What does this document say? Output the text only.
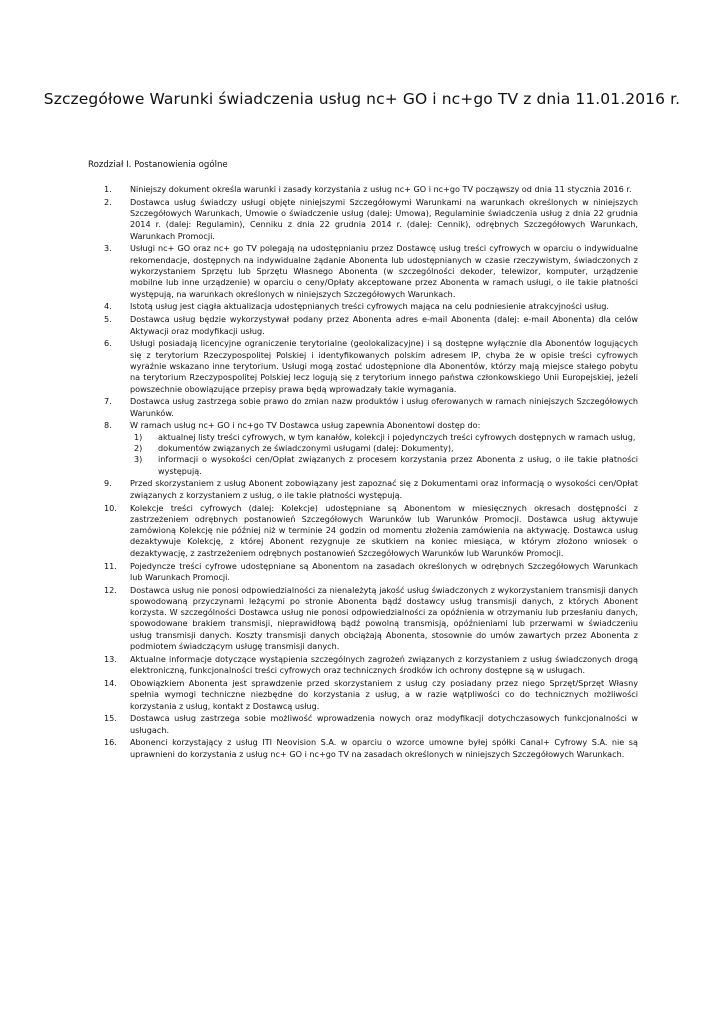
Szczegółowe Warunki świadczenia usług nc+ GO i nc+go TV z dnia 11.01.2016 r.
Rozdział I. Postanowienia ogólne
1. Niniejszy dokument określa warunki i zasady korzystania z usług nc+ GO i nc+go TV począwszy od dnia 11 stycznia 2016 r.
2. Dostawca usług świadczy usługi objęte niniejszymi Szczegółowymi Warunkami na warunkach określonych w niniejszych Szczegółowych Warunkach, Umowie o świadczenie usług (dalej: Umowa), Regulaminie świadczenia usług z dnia 22 grudnia 2014 r. (dalej: Regulamin), Cenniku z dnia 22 grudnia 2014 r. (dalej: Cennik), odrębnych Szczegółowych Warunkach, Warunkach Promocji.
3. Usługi nc+ GO oraz nc+ go TV polegają na udostępnianiu przez Dostawcę usług treści cyfrowych w oparciu o indywidualne rekomendacje, dostępnych na indywidualne żądanie Abonenta lub udostępnianych w czasie rzeczywistym, świadczonych z wykorzystaniem Sprzętu lub Sprzętu Własnego Abonenta (w szczególności dekoder, telewizor, komputer, urządzenie mobilne lub inne urządzenie) w oparciu o ceny/Opłaty akceptowane przez Abonenta w ramach usługi, o ile takie płatności występują, na warunkach określonych w niniejszych Szczegółowych Warunkach.
4. Istotą usług jest ciągła aktualizacja udostępnianych treści cyfrowych mająca na celu podniesienie atrakcyjności usług.
5. Dostawca usług będzie wykorzystywał podany przez Abonenta adres e-mail Abonenta (dalej: e-mail Abonenta) dla celów Aktywacji oraz modyfikacji usług.
6. Usługi posiadają licencyjne ograniczenie terytorialne (geolokalizacyjne) i są dostępne wyłącznie dla Abonentów logujących się z terytorium Rzeczypospolitej Polskiej i identyfikowanych polskim adresem IP, chyba że w opisie treści cyfrowych wyraźnie wskazano inne terytorium. Usługi mogą zostać udostępnione dla Abonentów, którzy mają miejsce stałego pobytu na terytorium Rzeczypospolitej Polskiej lecz logują się z terytorium innego państwa członkowskiego Unii Europejskiej, jeżeli powszechnie obowiązujące przepisy prawa będą wprowadzały takie wymagania.
7. Dostawca usług zastrzega sobie prawo do zmian nazw produktów i usług oferowanych w ramach niniejszych Szczegółowych Warunków.
8. W ramach usług nc+ GO i nc+go TV Dostawca usług zapewnia Abonentowi dostęp do:
1) aktualnej listy treści cyfrowych, w tym kanałów, kolekcji i pojedynczych treści cyfrowych dostępnych w ramach usług,
2) dokumentów związanych ze świadczonymi usługami (dalej: Dokumenty),
3) informacji o wysokości cen/Opłat związanych z procesem korzystania przez Abonenta z usług, o ile takie płatności występują.
9. Przed skorzystaniem z usług Abonent zobowiązany jest zapoznać się z Dokumentami oraz informacją o wysokości cen/Opłat związanych z korzystaniem z usług, o ile takie płatności występują.
10. Kolekcje treści cyfrowych (dalej: Kolekcje) udostępniane są Abonentom w miesięcznych okresach dostępności z zastrzeżeniem odrębnych postanowień Szczegółowych Warunków lub Warunków Promocji. Dostawca usług aktywuje zamówioną Kolekcję nie później niż w terminie 24 godzin od momentu złożenia zamówienia na aktywację. Dostawca usług dezaktywuje Kolekcję, z której Abonent rezygnuje ze skutkiem na koniec miesiąca, w którym złożono wniosek o dezaktywację, z zastrzeżeniem odrębnych postanowień Szczegółowych Warunków lub Warunków Promocji.
11. Pojedyncze treści cyfrowe udostępniane są Abonentom na zasadach określonych w odrębnych Szczegółowych Warunkach lub Warunkach Promocji.
12. Dostawca usług nie ponosi odpowiedzialności za nienależytą jakość usług świadczonych z wykorzystaniem transmisji danych spowodowaną przyczynami leżącymi po stronie Abonenta bądź dostawcy usług transmisji danych, z których Abonent korzysta. W szczególności Dostawca usług nie ponosi odpowiedzialności za opóźnienia w otrzymaniu lub przesłaniu danych, spowodowane brakiem transmisji, nieprawidłową bądź powolną transmisją, opóźnieniami lub przerwami w świadczeniu usług transmisji danych. Koszty transmisji danych obciążają Abonenta, stosownie do umów zawartych przez Abonenta z podmiotem świadczącym usługę transmisji danych.
13. Aktualne informacje dotyczące wystąpienia szczególnych zagrożeń związanych z korzystaniem z usług świadczonych drogą elektroniczną, funkcjonalności treści cyfrowych oraz technicznych środków ich ochrony dostępne są w usługach.
14. Obowiązkiem Abonenta jest sprawdzenie przed skorzystaniem z usług czy posiadany przez niego Sprzęt/Sprzęt Własny spełnia wymogi techniczne niezbędne do korzystania z usług, a w razie wątpliwości co do technicznych możliwości korzystania z usług, kontakt z Dostawcą usług.
15. Dostawca usług zastrzega sobie możliwość wprowadzenia nowych oraz modyfikacji dotychczasowych funkcjonalności w usługach.
16. Abonenci korzystający z usług ITI Neovision S.A. w oparciu o wzorce umowne byłej spółki Canal+ Cyfrowy S.A. nie są uprawnieni do korzystania z usług nc+ GO i nc+go TV na zasadach określonych w niniejszych Szczegółowych Warunkach.
